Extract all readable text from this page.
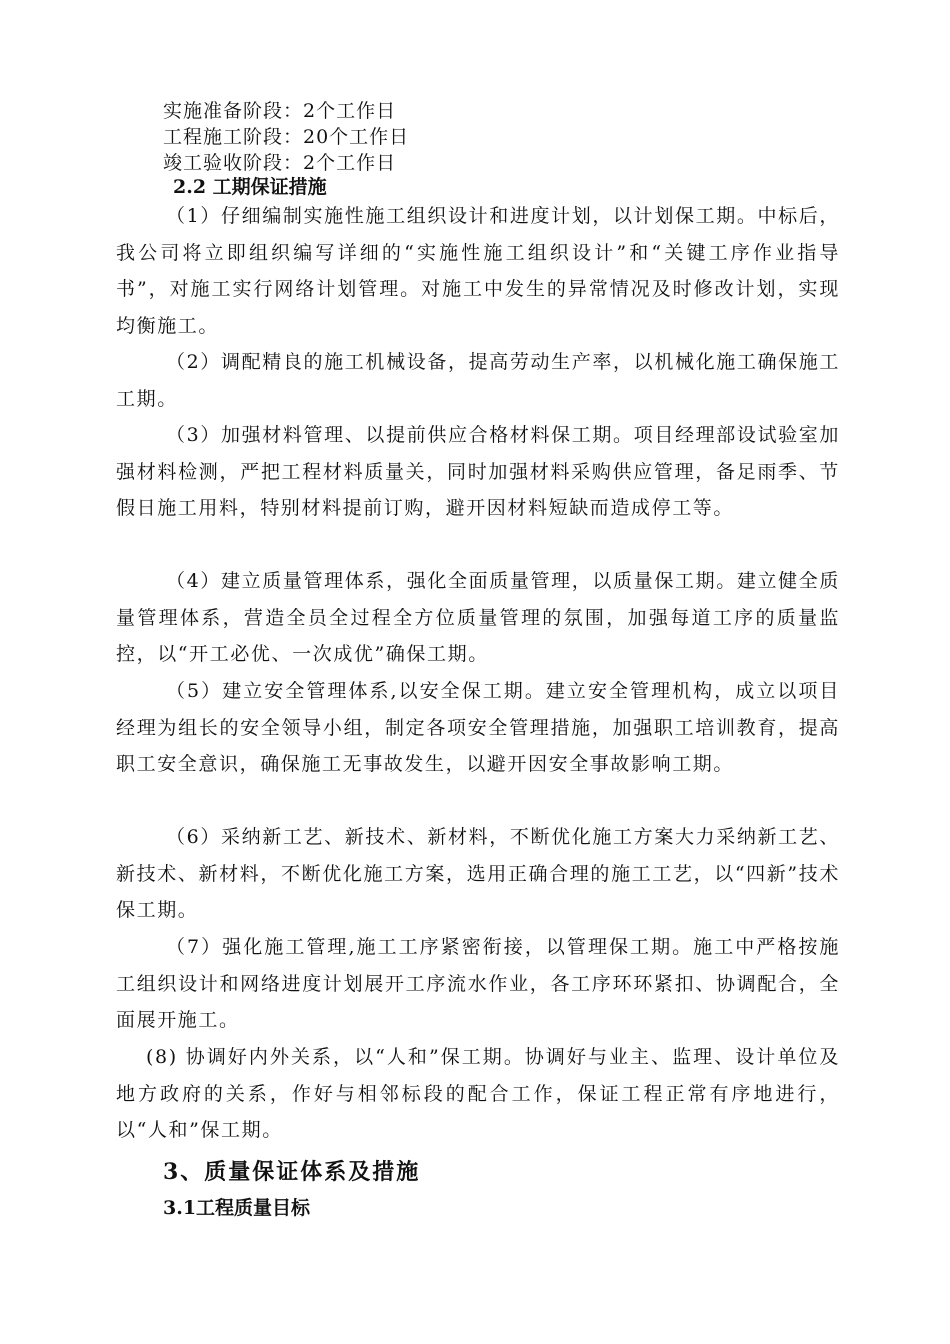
实施准备阶段：2个工作日
工程施工阶段：20个工作日
竣工验收阶段：2个工作日
2.2 工期保证措施

（1）仔细编制实施性施工组织设计和进度计划，以计划保工期。中标后，我公司将立即组织编写详细的“实施性施工组织设计”和“关键工序作业指导书”，对施工实行网络计划管理。对施工中发生的异常情况及时修改计划，实现均衡施工。

（2）调配精良的施工机械设备，提高劳动生产率，以机械化施工确保施工工期。

（3）加强材料管理、以提前供应合格材料保工期。项目经理部设试验室加强材料检测，严把工程材料质量关，同时加强材料采购供应管理，备足雨季、节假日施工用料，特别材料提前订购，避开因材料短缺而造成停工等。

（4）建立质量管理体系，强化全面质量管理，以质量保工期。建立健全质量管理体系，营造全员全过程全方位质量管理的氛围，加强每道工序的质量监控，以“开工必优、一次成优”确保工期。

（5）建立安全管理体系,以安全保工期。建立安全管理机构，成立以项目经理为组长的安全领导小组，制定各项安全管理措施，加强职工培训教育，提高职工安全意识，确保施工无事故发生，以避开因安全事故影响工期。

（6）采纳新工艺、新技术、新材料，不断优化施工方案大力采纳新工艺、新技术、新材料，不断优化施工方案，选用正确合理的施工工艺，以“四新”技术保工期。

（7）强化施工管理,施工工序紧密衔接，以管理保工期。施工中严格按施工组织设计和网络进度计划展开工序流水作业，各工序环环紧扣、协调配合，全面展开施工。

(8) 协调好内外关系，以“人和”保工期。协调好与业主、监理、设计单位及地方政府的关系，作好与相邻标段的配合工作，保证工程正常有序地进行，以“人和”保工期。

3、质量保证体系及措施
3.1工程质量目标
